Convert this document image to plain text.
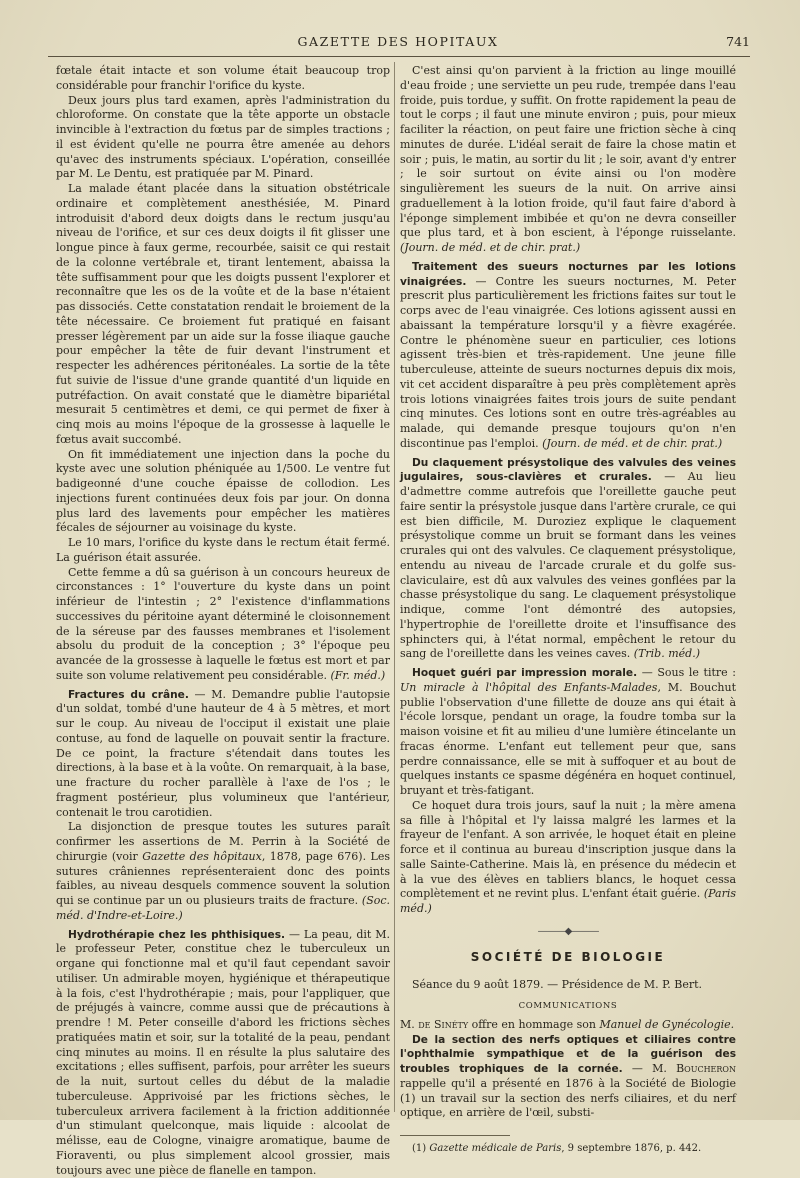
GAZETTE DES HOPITAUX	741

fœtale était intacte et son volume était beaucoup trop considérable pour franchir l'orifice du kyste.

Deux jours plus tard examen, après l'administration du chloroforme. On constate que la tête apporte un obstacle invincible à l'extraction du fœtus par de simples tractions ; il est évident qu'elle ne pourra être amenée au dehors qu'avec des instruments spéciaux. L'opération, conseillée par M. Le Dentu, est pratiquée par M. Pinard.

La malade étant placée dans la situation obstétricale ordinaire et complètement anesthésiée, M. Pinard introduisit d'abord deux doigts dans le rectum jusqu'au niveau de l'orifice, et sur ces deux doigts il fit glisser une longue pince à faux germe, recourbée, saisit ce qui restait de la colonne vertébrale et, tirant lentement, abaissa la tête suffisamment pour que les doigts pussent l'explorer et reconnaître que les os de la voûte et de la base n'étaient pas dissociés. Cette constatation rendait le broiement de la tête nécessaire. Ce broiement fut pratiqué en faisant presser légèrement par un aide sur la fosse iliaque gauche pour empêcher la tête de fuir devant l'instrument et respecter les adhérences péritonéales. La sortie de la tête fut suivie de l'issue d'une grande quantité d'un liquide en putréfaction. On avait constaté que le diamètre bipariétal mesurait 5 centimètres et demi, ce qui permet de fixer à cinq mois au moins l'époque de la grossesse à laquelle le fœtus avait succombé.

On fit immédiatement une injection dans la poche du kyste avec une solution phéniquée au 1/500. Le ventre fut badigeonné d'une couche épaisse de collodion. Les injections furent continuées deux fois par jour. On donna plus lard des lavements pour empêcher les matières fécales de séjourner au voisinage du kyste.

Le 10 mars, l'orifice du kyste dans le rectum était fermé. La guérison était assurée.

Cette femme a dû sa guérison à un concours heureux de circonstances : 1° l'ouverture du kyste dans un point inférieur de l'intestin ; 2° l'existence d'inflammations successives du péritoine ayant déterminé le cloisonnement de la séreuse par des fausses membranes et l'isolement absolu du produit de la conception ; 3° l'époque peu avancée de la grossesse à laquelle le fœtus est mort et par suite son volume relativement peu considérable. (Fr. méd.)

Fractures du crâne. — M. Demandre publie l'autopsie d'un soldat, tombé d'une hauteur de 4 à 5 mètres, et mort sur le coup. Au niveau de l'occiput il existait une plaie contuse, au fond de laquelle on pouvait sentir la fracture. De ce point, la fracture s'étendait dans toutes les directions, à la base et à la voûte. On remarquait, à la base, une fracture du rocher parallèle à l'axe de l'os ; le fragment postérieur, plus volumineux que l'antérieur, contenait le trou carotidien.

La disjonction de presque toutes les sutures paraît confirmer les assertions de M. Perrin à la Société de chirurgie (voir Gazette des hôpitaux, 1878, page 676). Les sutures crâniennes représenteraient donc des points faibles, au niveau desquels commence souvent la solution qui se continue par un ou plusieurs traits de fracture. (Soc. méd. d'Indre-et-Loire.)

Hydrothérapie chez les phthisiques. — La peau, dit M. le professeur Peter, constitue chez le tuberculeux un organe qui fonctionne mal et qu'il faut cependant savoir utiliser. Un admirable moyen, hygiénique et thérapeutique à la fois, c'est l'hydrothérapie ; mais, pour l'appliquer, que de préjugés à vaincre, comme aussi que de précautions à prendre ! M. Peter conseille d'abord les frictions sèches pratiquées matin et soir, sur la totalité de la peau, pendant cinq minutes au moins. Il en résulte la plus salutaire des excitations ; elles suffisent, parfois, pour arrêter les sueurs de la nuit, surtout celles du début de la maladie tuberculeuse. Apprivoisé par les frictions sèches, le tuberculeux arrivera facilement à la friction additionnée d'un stimulant quelconque, mais liquide : alcoolat de mélisse, eau de Cologne, vinaigre aromatique, baume de Fioraventi, ou plus simplement alcool grossier, mais toujours avec une pièce de flanelle en tampon.

C'est ainsi qu'on parvient à la friction au linge mouillé d'eau froide ; une serviette un peu rude, trempée dans l'eau froide, puis tordue, y suffit. On frotte rapidement la peau de tout le corps ; il faut une minute environ ; puis, pour mieux faciliter la réaction, on peut faire une friction sèche à cinq minutes de durée. L'idéal serait de faire la chose matin et soir ; puis, le matin, au sortir du lit ; le soir, avant d'y entrer ; le soir surtout on évite ainsi ou l'on modère singulièrement les sueurs de la nuit. On arrive ainsi graduellement à la lotion froide, qu'il faut faire d'abord à l'éponge simplement imbibée et qu'on ne devra conseiller que plus tard, et à bon escient, à l'éponge ruisselante. (Journ. de méd. et de chir. prat.)

Traitement des sueurs nocturnes par les lotions vinaigrées. — Contre les sueurs nocturnes, M. Peter prescrit plus particulièrement les frictions faites sur tout le corps avec de l'eau vinaigrée. Ces lotions agissent aussi en abaissant la température lorsqu'il y a fièvre exagérée. Contre le phénomène sueur en particulier, ces lotions agissent très-bien et très-rapidement. Une jeune fille tuberculeuse, atteinte de sueurs nocturnes depuis dix mois, vit cet accident disparaître à peu près complètement après trois lotions vinaigrées faites trois jours de suite pendant cinq minutes. Ces lotions sont en outre très-agréables au malade, qui demande presque toujours qu'on n'en discontinue pas l'emploi. (Journ. de méd. et de chir. prat.)

Du claquement présystolique des valvules des veines jugulaires, sous-clavières et crurales. — Au lieu d'admettre comme autrefois que l'oreillette gauche peut faire sentir la présystole jusque dans l'artère crurale, ce qui est bien difficile, M. Duroziez explique le claquement présystolique comme un bruit se formant dans les veines crurales qui ont des valvules. Ce claquement présystolique, entendu au niveau de l'arcade crurale et du golfe sus-claviculaire, est dû aux valvules des veines gonflées par la chasse présystolique du sang. Le claquement présystolique indique, comme l'ont démontré des autopsies, l'hypertrophie de l'oreillette droite et l'insuffisance des sphincters qui, à l'état normal, empêchent le retour du sang de l'oreillette dans les veines caves. (Trib. méd.)

Hoquet guéri par impression morale. — Sous le titre : Un miracle à l'hôpital des Enfants-Malades, M. Bouchut publie l'observation d'une fillette de douze ans qui était à l'école lorsque, pendant un orage, la foudre tomba sur la maison voisine et fit au milieu d'une lumière étincelante un fracas énorme. L'enfant eut tellement peur que, sans perdre connaissance, elle se mit à suffoquer et au bout de quelques instants ce spasme dégénéra en hoquet continuel, bruyant et très-fatigant.

Ce hoquet dura trois jours, sauf la nuit ; la mère amena sa fille à l'hôpital et l'y laissa malgré les larmes et la frayeur de l'enfant. A son arrivée, le hoquet était en pleine force et il continua au bureau d'inscription jusque dans la salle Sainte-Catherine. Mais là, en présence du médecin et à la vue des élèves en tabliers blancs, le hoquet cessa complètement et ne revint plus. L'enfant était guérie. (Paris méd.)

———◆———
SOCIÉTÉ DE BIOLOGIE

Séance du 9 août 1879. — Présidence de M. P. Bert.

COMMUNICATIONS

M. de Sinéty offre en hommage son Manuel de Gynécologie.

De la section des nerfs optiques et ciliaires contre l'ophthalmie sympathique et de la guérison des troubles trophiques de la cornée. — M. Boucheron rappelle qu'il a présenté en 1876 à la Société de Biologie (1) un travail sur la section des nerfs ciliaires, et du nerf optique, en arrière de l'œil, substi-

(1) Gazette médicale de Paris, 9 septembre 1876, p. 442.
